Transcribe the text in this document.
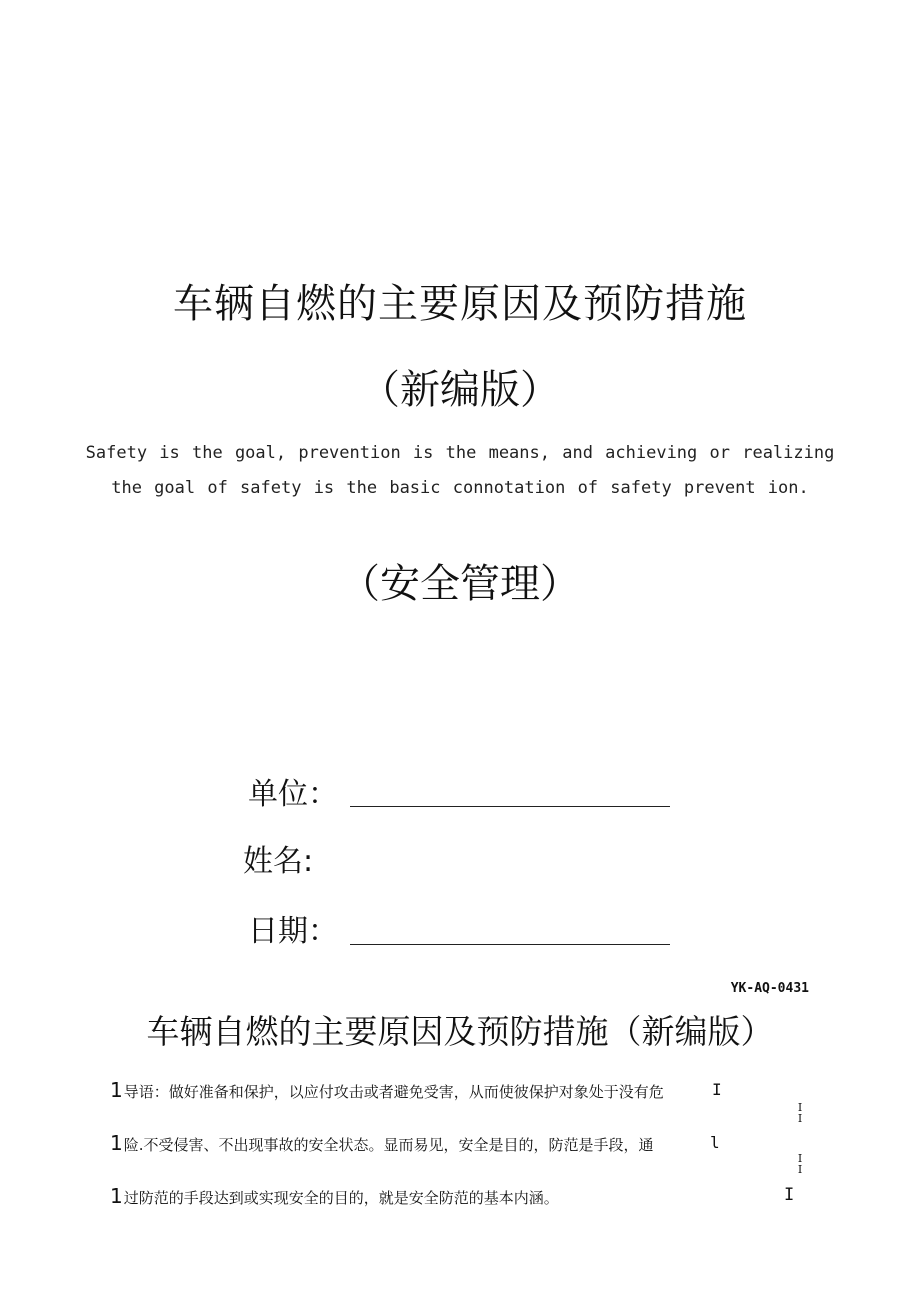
车辆自燃的主要原因及预防措施
（新编版）
Safety is the goal, prevention is the means, and achieving or realizing
the goal of safety is the basic connotation of safety prevent ion.
（安全管理）
单位：
姓名:
日期：
YK-AQ-0431
车辆自燃的主要原因及预防措施（新编版）
1导语：做好准备和保护，以应付攻击或者避免受害，从而使彼保护对象处于没有危	I
I
I
1险.不受侵害、不出现事故的安全状态。显而易见，安全是目的，防范是手段，通	l
I
I
1过防范的手段达到或实现安全的目的，就是安全防范的基本内涵。	I
